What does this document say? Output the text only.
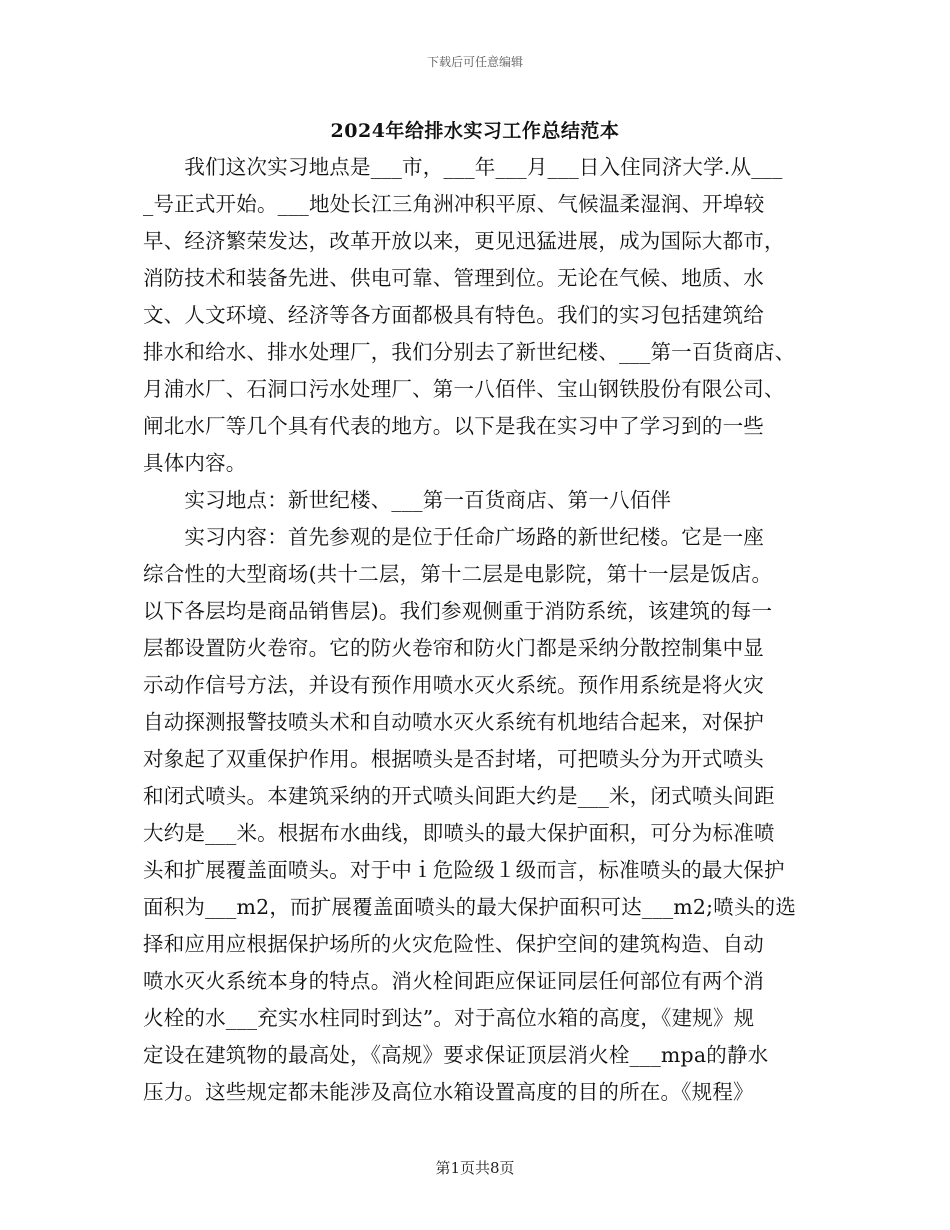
下载后可任意编辑
2024年给排水实习工作总结范本
　　我们这次实习地点是___市，___年___月___日入住同济大学.从___
_号正式开始。___地处长江三角洲冲积平原、气候温柔湿润、开埠较
早、经济繁荣发达，改革开放以来，更见迅猛进展，成为国际大都市，
消防技术和装备先进、供电可靠、管理到位。无论在气候、地质、水
文、人文环境、经济等各方面都极具有特色。我们的实习包括建筑给
排水和给水、排水处理厂，我们分别去了新世纪楼、___第一百货商店、
月浦水厂、石洞口污水处理厂、第一八佰伴、宝山钢铁股份有限公司、
闸北水厂等几个具有代表的地方。以下是我在实习中了学习到的一些
具体内容。
　　实习地点：新世纪楼、___第一百货商店、第一八佰伴
　　实习内容：首先参观的是位于任命广场路的新世纪楼。它是一座
综合性的大型商场(共十二层，第十二层是电影院，第十一层是饭店。
以下各层均是商品销售层)。我们参观侧重于消防系统，该建筑的每一
层都设置防火卷帘。它的防火卷帘和防火门都是采纳分散控制集中显
示动作信号方法，并设有预作用喷水灭火系统。预作用系统是将火灾
自动探测报警技喷头术和自动喷水灭火系统有机地结合起来，对保护
对象起了双重保护作用。根据喷头是否封堵，可把喷头分为开式喷头
和闭式喷头。本建筑采纳的开式喷头间距大约是___米，闭式喷头间距
大约是___米。根据布水曲线，即喷头的最大保护面积，可分为标准喷
头和扩展覆盖面喷头。对于中ｉ危险级１级而言，标准喷头的最大保护
面积为___m2，而扩展覆盖面喷头的最大保护面积可达___m2;喷头的选
择和应用应根据保护场所的火灾危险性、保护空间的建筑构造、自动
喷水灭火系统本身的特点。消火栓间距应保证同层任何部位有两个消
火栓的水___充实水柱同时到达”。对于高位水箱的高度，《建规》规
定设在建筑物的最高处，《高规》要求保证顶层消火栓___mpa的静水
压力。这些规定都未能涉及高位水箱设置高度的目的所在。《规程》
第1页共8页
